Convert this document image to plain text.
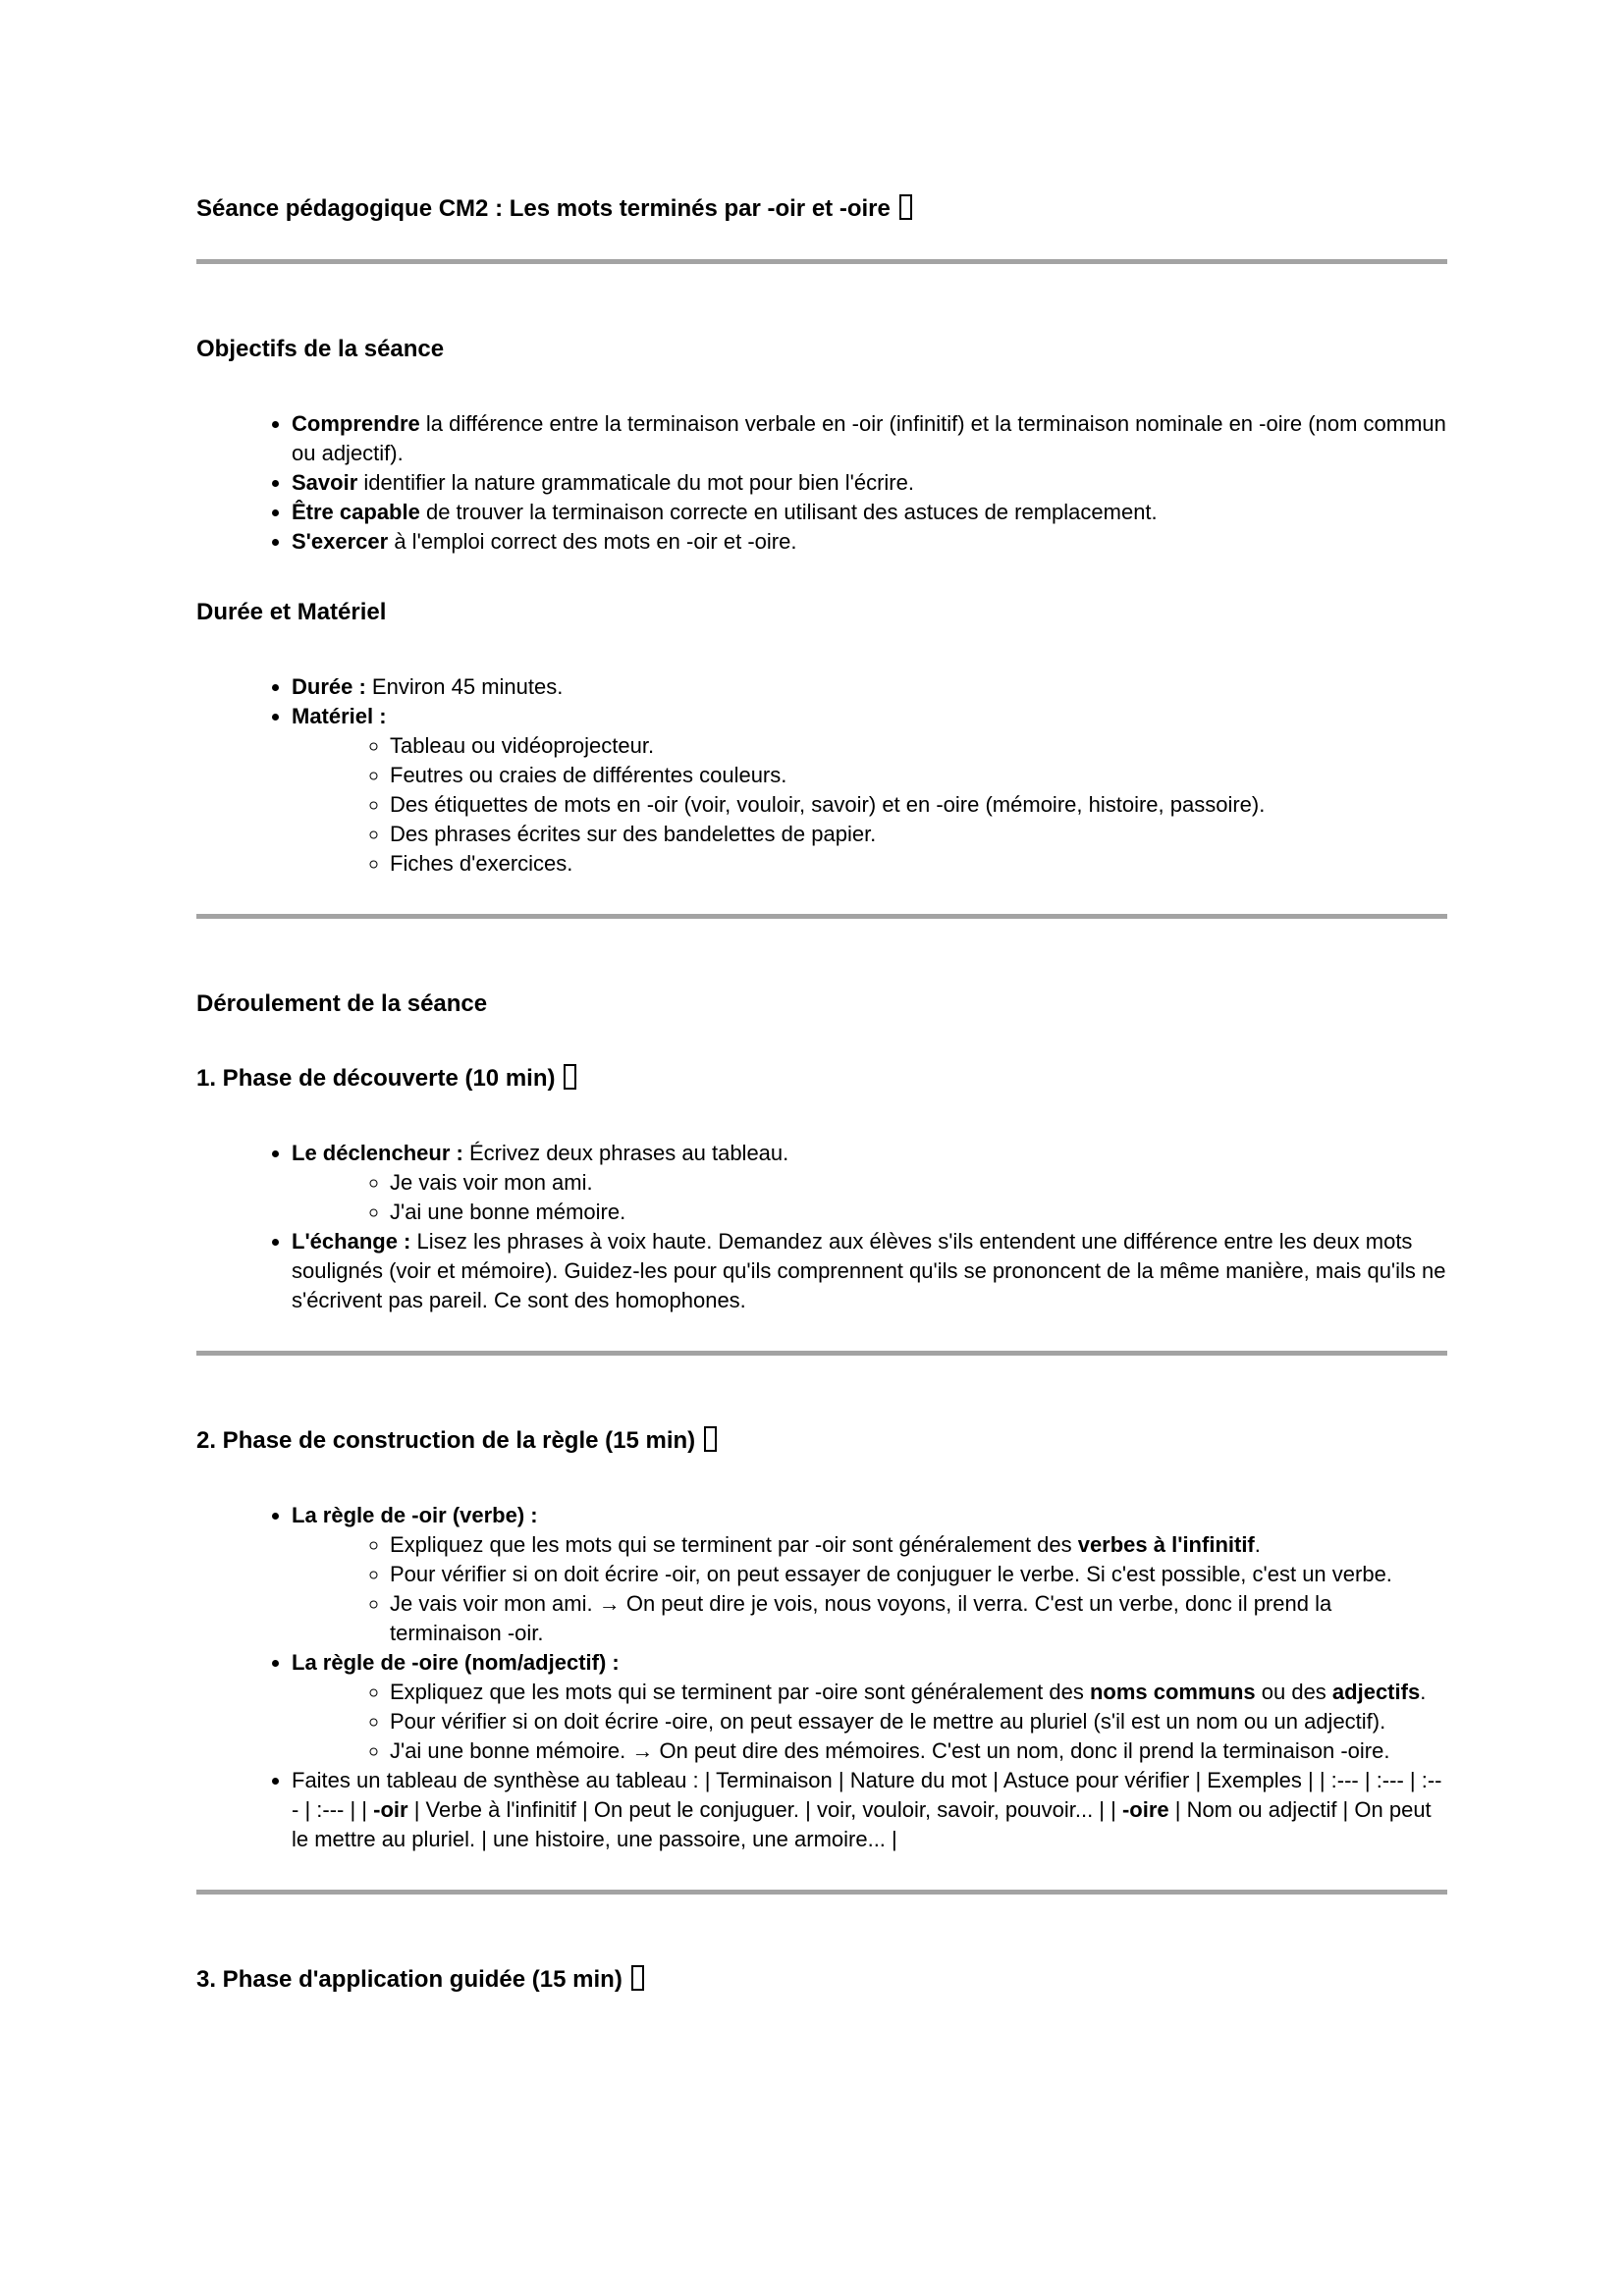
Séance pédagogique CM2 : Les mots terminés par -oir et -oire
Objectifs de la séance
• Comprendre la différence entre la terminaison verbale en -oir (infinitif) et la terminaison nominale en -oire (nom commun ou adjectif).
• Savoir identifier la nature grammaticale du mot pour bien l'écrire.
• Être capable de trouver la terminaison correcte en utilisant des astuces de remplacement.
• S'exercer à l'emploi correct des mots en -oir et -oire.
Durée et Matériel
• Durée : Environ 45 minutes.
• Matériel :
◦ Tableau ou vidéoprojecteur.
◦ Feutres ou craies de différentes couleurs.
◦ Des étiquettes de mots en -oir (voir, vouloir, savoir) et en -oire (mémoire, histoire, passoire).
◦ Des phrases écrites sur des bandelettes de papier.
◦ Fiches d'exercices.
Déroulement de la séance
1. Phase de découverte (10 min)
• Le déclencheur : Écrivez deux phrases au tableau.
◦ Je vais voir mon ami.
◦ J'ai une bonne mémoire.
• L'échange : Lisez les phrases à voix haute. Demandez aux élèves s'ils entendent une différence entre les deux mots soulignés (voir et mémoire). Guidez-les pour qu'ils comprennent qu'ils se prononcent de la même manière, mais qu'ils ne s'écrivent pas pareil. Ce sont des homophones.
2. Phase de construction de la règle (15 min)
• La règle de -oir (verbe) :
◦ Expliquez que les mots qui se terminent par -oir sont généralement des verbes à l'infinitif.
◦ Pour vérifier si on doit écrire -oir, on peut essayer de conjuguer le verbe. Si c'est possible, c'est un verbe.
◦ Je vais voir mon ami. → On peut dire je vois, nous voyons, il verra. C'est un verbe, donc il prend la terminaison -oir.
• La règle de -oire (nom/adjectif) :
◦ Expliquez que les mots qui se terminent par -oire sont généralement des noms communs ou des adjectifs.
◦ Pour vérifier si on doit écrire -oire, on peut essayer de le mettre au pluriel (s'il est un nom ou un adjectif).
◦ J'ai une bonne mémoire. → On peut dire des mémoires. C'est un nom, donc il prend la terminaison -oire.
• Faites un tableau de synthèse au tableau : | Terminaison | Nature du mot | Astuce pour vérifier | Exemples | | :--- | :--- | :--- | :--- | | -oir | Verbe à l'infinitif | On peut le conjuguer. | voir, vouloir, savoir, pouvoir... | | -oire | Nom ou adjectif | On peut le mettre au pluriel. | une histoire, une passoire, une armoire... |
3. Phase d'application guidée (15 min)
